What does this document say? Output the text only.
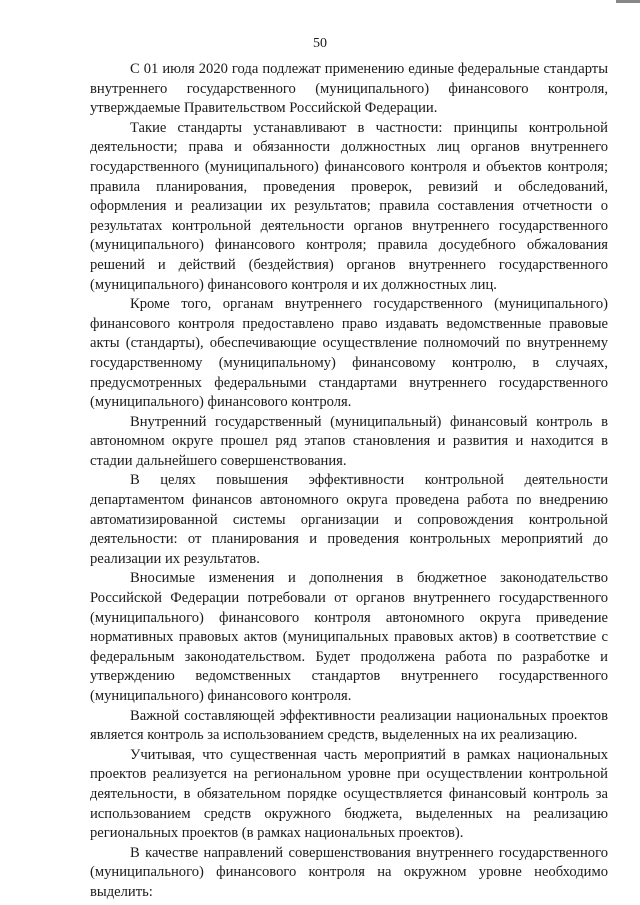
50

С 01 июля 2020 года подлежат применению единые федеральные стандарты внутреннего государственного (муниципального) финансового контроля, утверждаемые Правительством Российской Федерации.

Такие стандарты устанавливают в частности: принципы контрольной деятельности; права и обязанности должностных лиц органов внутреннего государственного (муниципального) финансового контроля и объектов контроля; правила планирования, проведения проверок, ревизий и обследований, оформления и реализации их результатов; правила составления отчетности о результатах контрольной деятельности органов внутреннего государственного (муниципального) финансового контроля; правила досудебного обжалования решений и действий (бездействия) органов внутреннего государственного (муниципального) финансового контроля и их должностных лиц.

Кроме того, органам внутреннего государственного (муниципального) финансового контроля предоставлено право издавать ведомственные правовые акты (стандарты), обеспечивающие осуществление полномочий по внутреннему государственному (муниципальному) финансовому контролю, в случаях, предусмотренных федеральными стандартами внутреннего государственного (муниципального) финансового контроля.

Внутренний государственный (муниципальный) финансовый контроль в автономном округе прошел ряд этапов становления и развития и находится в стадии дальнейшего совершенствования.

В целях повышения эффективности контрольной деятельности департаментом финансов автономного округа проведена работа по внедрению автоматизированной системы организации и сопровождения контрольной деятельности: от планирования и проведения контрольных мероприятий до реализации их результатов.

Вносимые изменения и дополнения в бюджетное законодательство Российской Федерации потребовали от органов внутреннего государственного (муниципального) финансового контроля автономного округа приведение нормативных правовых актов (муниципальных правовых актов) в соответствие с федеральным законодательством. Будет продолжена работа по разработке и утверждению ведомственных стандартов внутреннего государственного (муниципального) финансового контроля.

Важной составляющей эффективности реализации национальных проектов является контроль за использованием средств, выделенных на их реализацию.

Учитывая, что существенная часть мероприятий в рамках национальных проектов реализуется на региональном уровне при осуществлении контрольной деятельности, в обязательном порядке осуществляется финансовый контроль за использованием средств окружного бюджета, выделенных на реализацию региональных проектов (в рамках национальных проектов).

В качестве направлений совершенствования внутреннего государственного (муниципального) финансового контроля на окружном уровне необходимо выделить:
